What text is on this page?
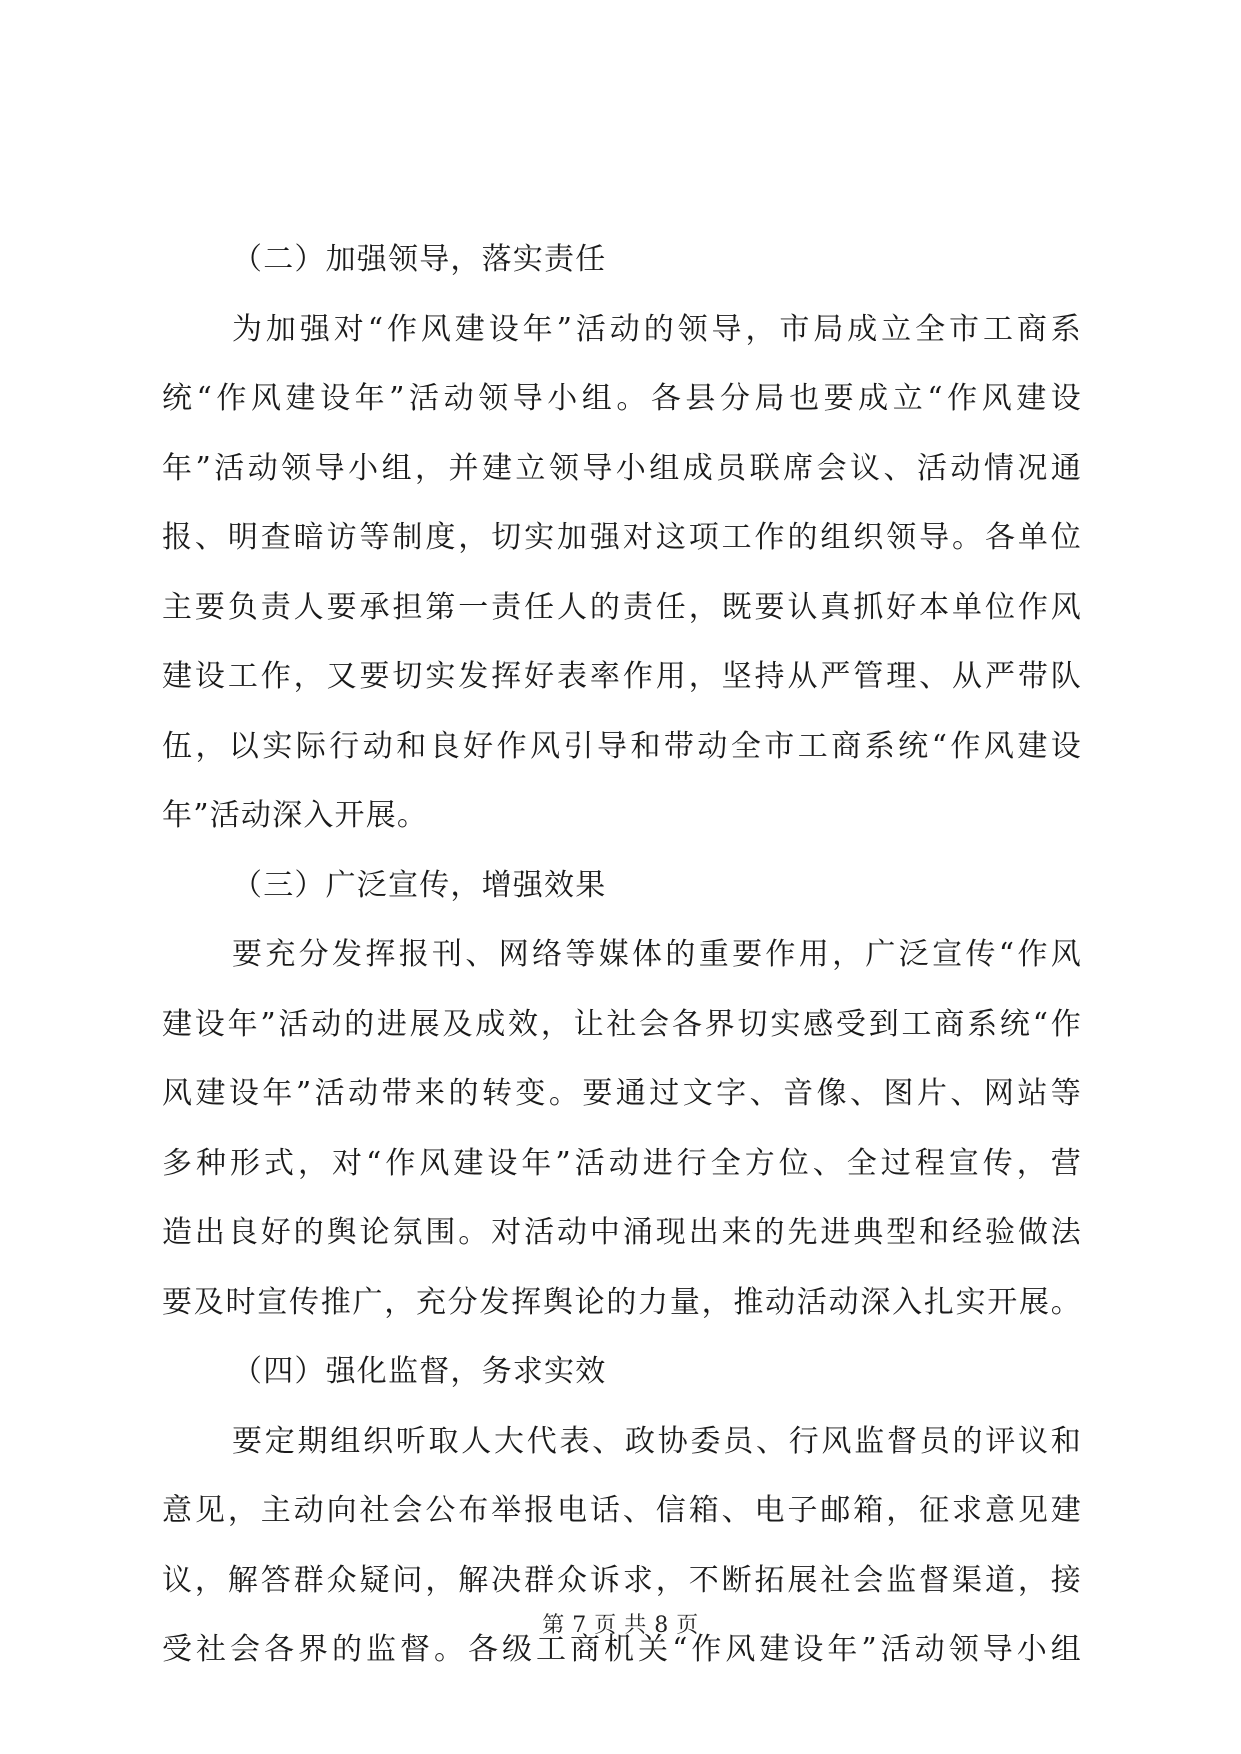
（二）加强领导，落实责任
为加强对“作风建设年”活动的领导，市局成立全市工商系
统“作风建设年”活动领导小组。各县分局也要成立“作风建设
年”活动领导小组，并建立领导小组成员联席会议、活动情况通
报、明查暗访等制度，切实加强对这项工作的组织领导。各单位
主要负责人要承担第一责任人的责任，既要认真抓好本单位作风
建设工作，又要切实发挥好表率作用，坚持从严管理、从严带队
伍，以实际行动和良好作风引导和带动全市工商系统“作风建设
年”活动深入开展。
（三）广泛宣传，增强效果
要充分发挥报刊、网络等媒体的重要作用，广泛宣传“作风
建设年”活动的进展及成效，让社会各界切实感受到工商系统“作
风建设年”活动带来的转变。要通过文字、音像、图片、网站等
多种形式，对“作风建设年”活动进行全方位、全过程宣传，营
造出良好的舆论氛围。对活动中涌现出来的先进典型和经验做法
要及时宣传推广，充分发挥舆论的力量，推动活动深入扎实开展。
（四）强化监督，务求实效
要定期组织听取人大代表、政协委员、行风监督员的评议和
意见，主动向社会公布举报电话、信箱、电子邮箱，征求意见建
议，解答群众疑问，解决群众诉求，不断拓展社会监督渠道，接
受社会各界的监督。各级工商机关“作风建设年”活动领导小组
第 7 页 共 8 页
